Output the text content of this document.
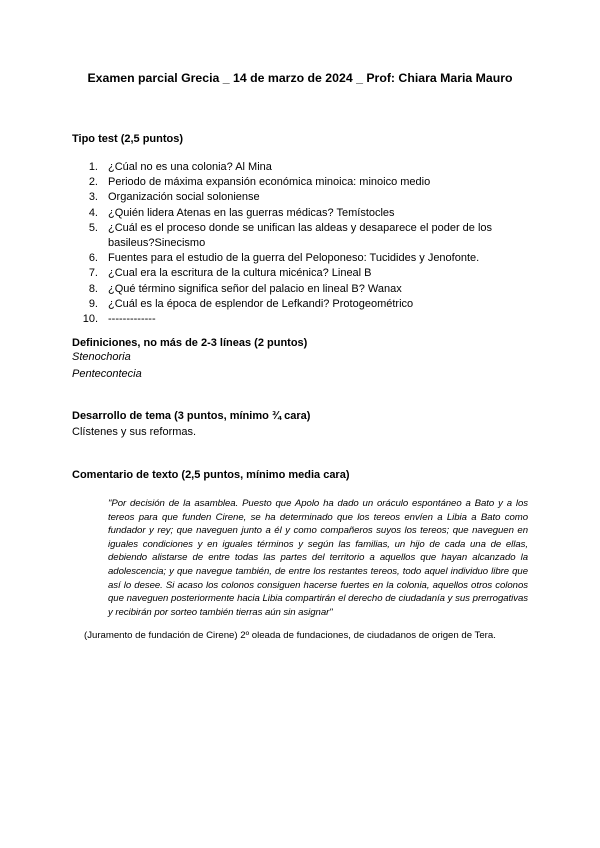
Examen parcial Grecia _ 14 de marzo de 2024 _ Prof: Chiara Maria Mauro
Tipo test (2,5 puntos)
1. ¿Cúal no es una colonia? Al Mina
2. Periodo de máxima expansión económica minoica: minoico medio
3. Organización social soloniense
4. ¿Quién lidera Atenas en las guerras médicas? Temístocles
5. ¿Cuál es el proceso donde se unifican las aldeas y desaparece el poder de los basileus?Sinecismo
6. Fuentes para el estudio de la guerra del Peloponeso: Tucidides y Jenofonte.
7. ¿Cual era la escritura de la cultura micénica? Lineal B
8. ¿Qué término significa señor del palacio en lineal B? Wanax
9. ¿Cuál es la época de esplendor de Lefkandi? Protogeométrico
10. -------------
Definiciones, no más de 2-3 líneas (2 puntos)
Stenochoria
Pentecontecia
Desarrollo de tema (3 puntos, mínimo ¾ cara)
Clístenes y sus reformas.
Comentario de texto (2,5 puntos, mínimo media cara)
"Por decisión de la asamblea. Puesto que Apolo ha dado un oráculo espontáneo a Bato y a los tereos para que funden Cirene, se ha determinado que los tereos envíen a Libia a Bato como fundador y rey; que naveguen junto a él y como compañeros suyos los tereos; que naveguen en iguales condiciones y en iguales términos y según las familias, un hijo de cada una de ellas, debiendo alistarse de entre todas las partes del territorio a aquellos que hayan alcanzado la adolescencia; y que navegue también, de entre los restantes tereos, todo aquel individuo libre que así lo desee. Si acaso los colonos consiguen hacerse fuertes en la colonia, aquellos otros colonos que naveguen posteriormente hacia Libia compartirán el derecho de ciudadanía y sus prerrogativas y recibirán por sorteo también tierras aún sin asignar"
(Juramento de fundación de Cirene) 2º oleada de fundaciones, de ciudadanos de origen de Tera.
